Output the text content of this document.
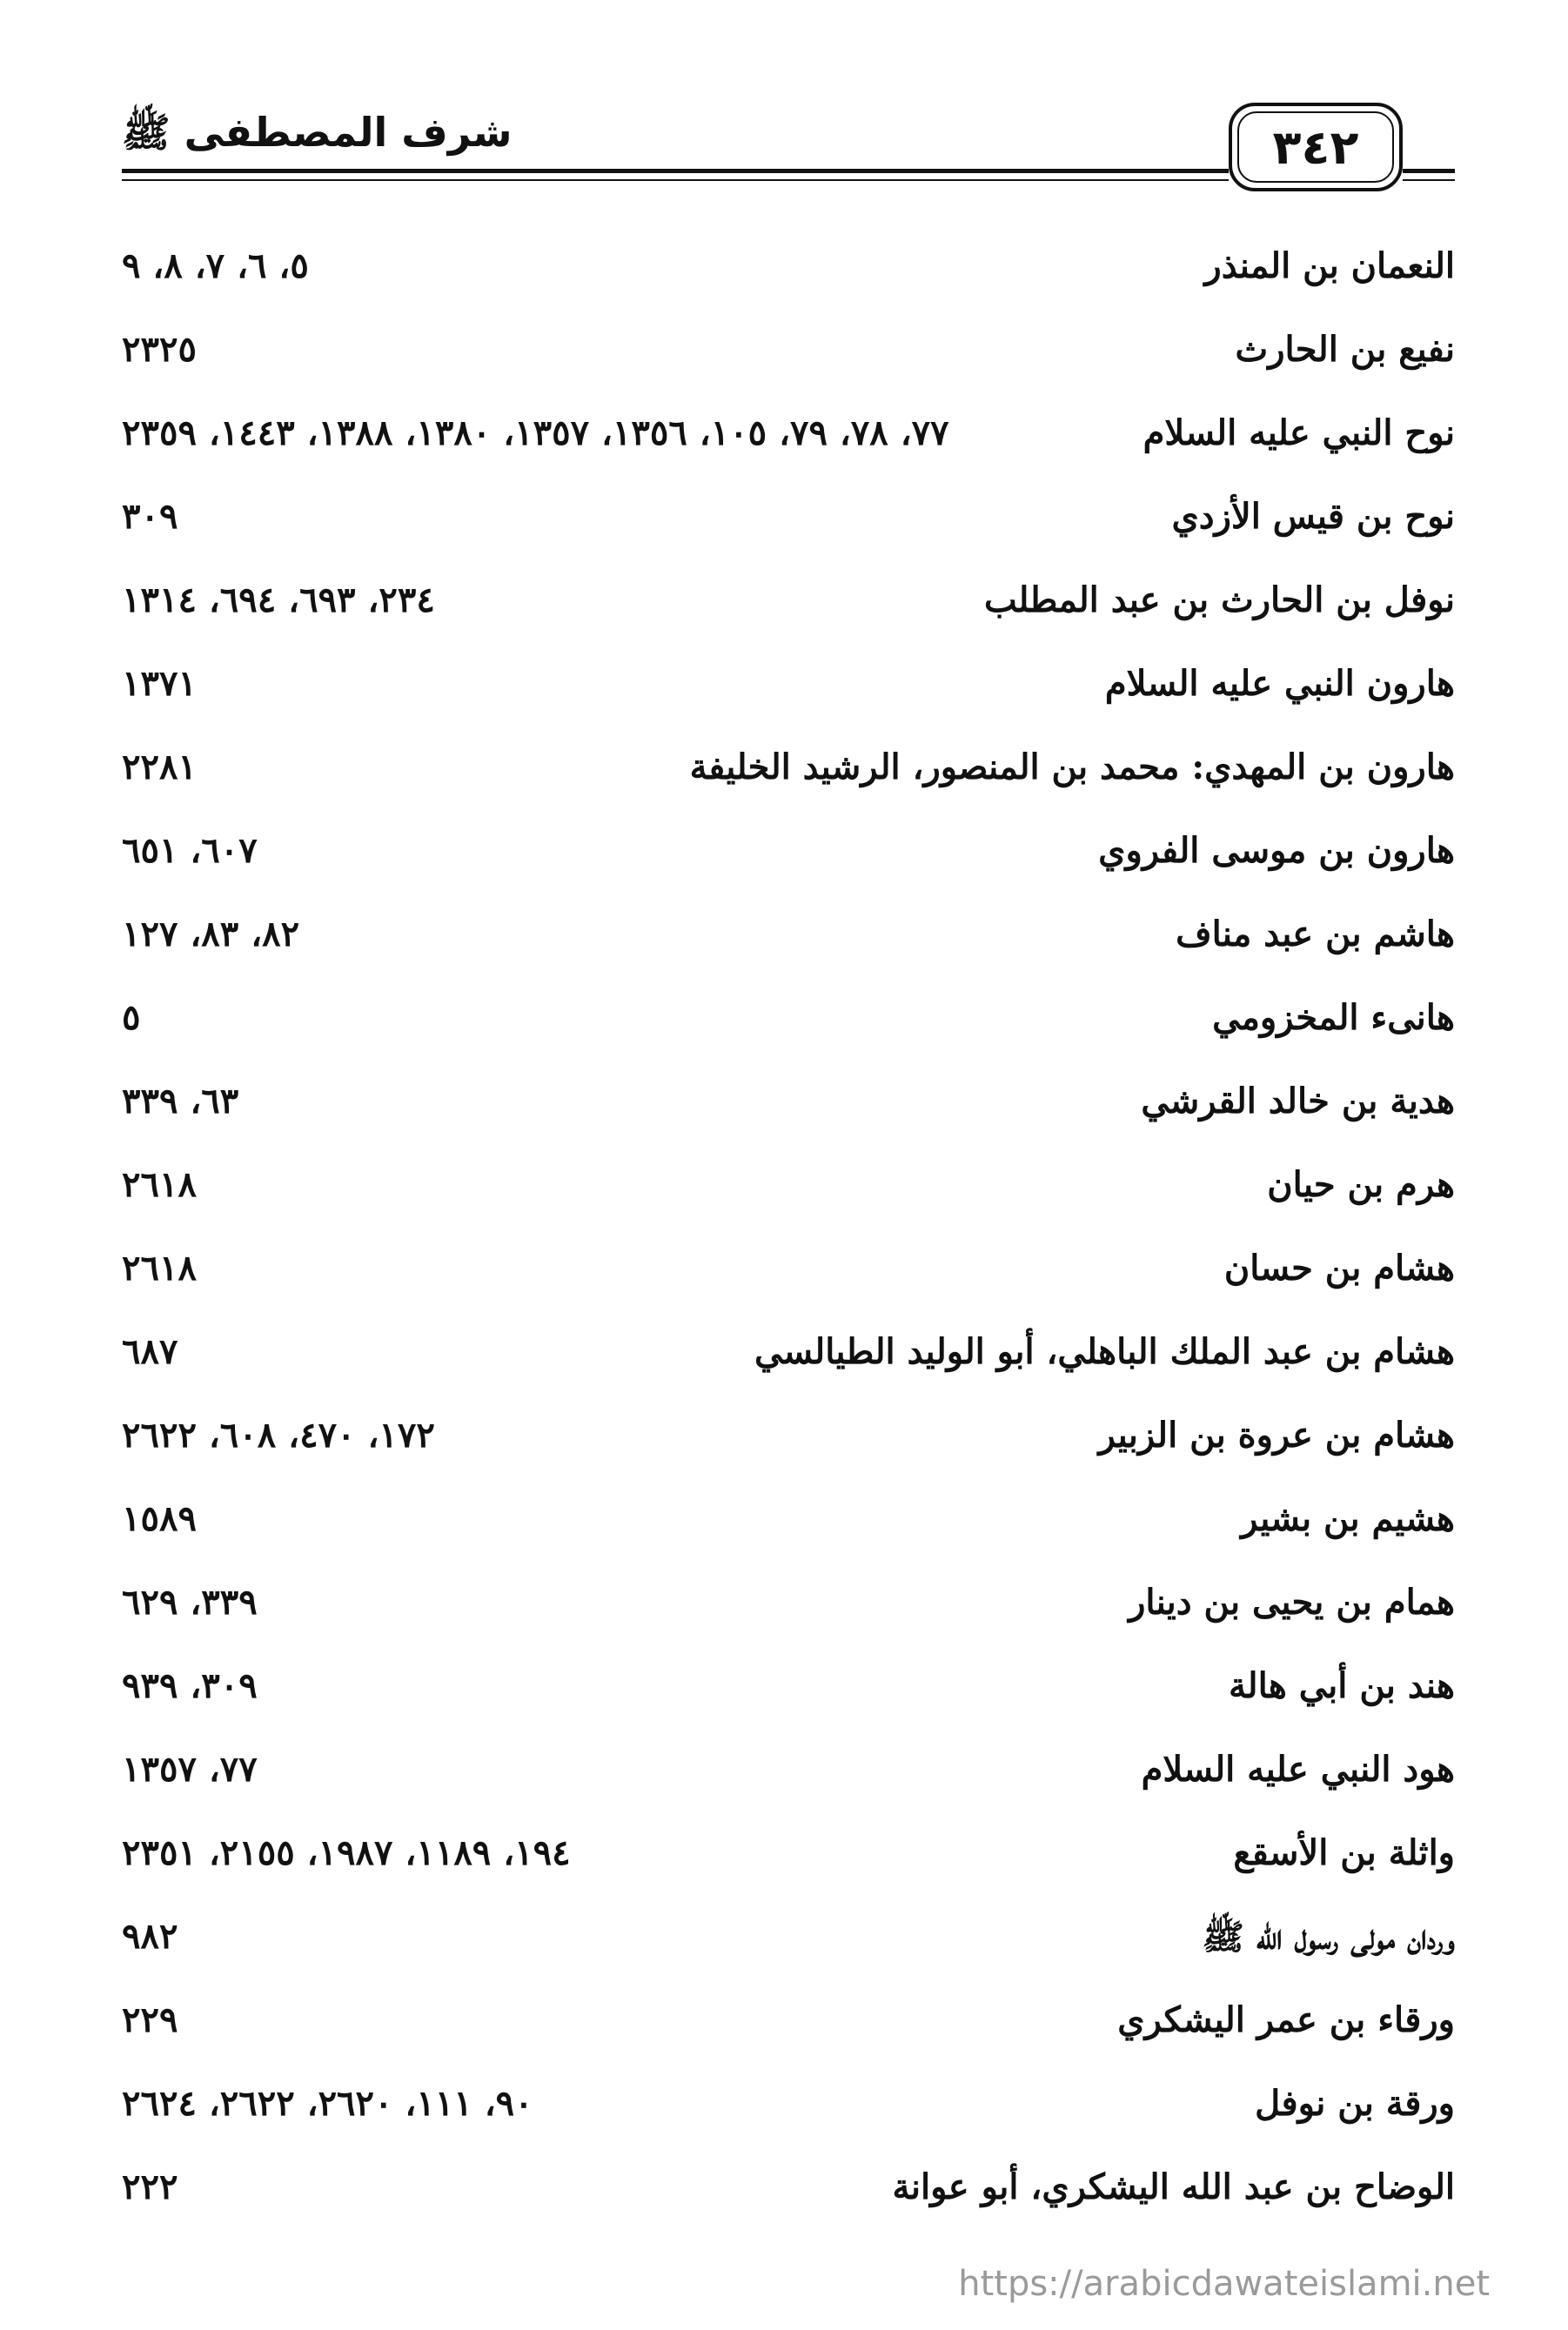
شرف المصطفى ﷺ	٣٤٢
النعمان بن المنذر
٥، ٦، ٧، ٨، ٩
نفيع بن الحارث
٢٣٢٥
نوح النبي عليه السلام
٧٧، ٧٨، ٧٩، ١٠٥، ١٣٥٦، ١٣٥٧، ١٣٨٠، ١٣٨٨، ١٤٤٣، ٢٣٥٩
نوح بن قيس الأزدي
٣٠٩
نوفل بن الحارث بن عبد المطلب
٢٣٤، ٦٩٣، ٦٩٤، ١٣١٤
هارون النبي عليه السلام
١٣٧١
هارون بن المهدي: محمد بن المنصور، الرشيد الخليفة
٢٢٨١
هارون بن موسى الفروي
٦٠٧، ٦٥١
هاشم بن عبد مناف
٨٢، ٨٣، ١٢٧
هانىء المخزومي
٥
هدية بن خالد القرشي
٦٣، ٣٣٩
هرم بن حيان
٢٦١٨
هشام بن حسان
٢٦١٨
هشام بن عبد الملك الباهلي، أبو الوليد الطيالسي
٦٨٧
هشام بن عروة بن الزبير
١٧٢، ٤٧٠، ٦٠٨، ٢٦٢٢
هشيم بن بشير
١٥٨٩
همام بن يحيى بن دينار
٣٣٩، ٦٢٩
هند بن أبي هالة
٣٠٩، ٩٣٩
هود النبي عليه السلام
٧٧، ١٣٥٧
واثلة بن الأسقع
١٩٤، ١١٨٩، ١٩٨٧، ٢١٥٥، ٢٣٥١
وردان مولى رسول الله ﷺ
٩٨٢
ورقاء بن عمر اليشكري
٢٢٩
ورقة بن نوفل
٩٠، ١١١، ٢٦٢٠، ٢٦٢٢، ٢٦٢٤
الوضاح بن عبد الله اليشكري، أبو عوانة
٢٢٢
https://arabicdawateislami.net
